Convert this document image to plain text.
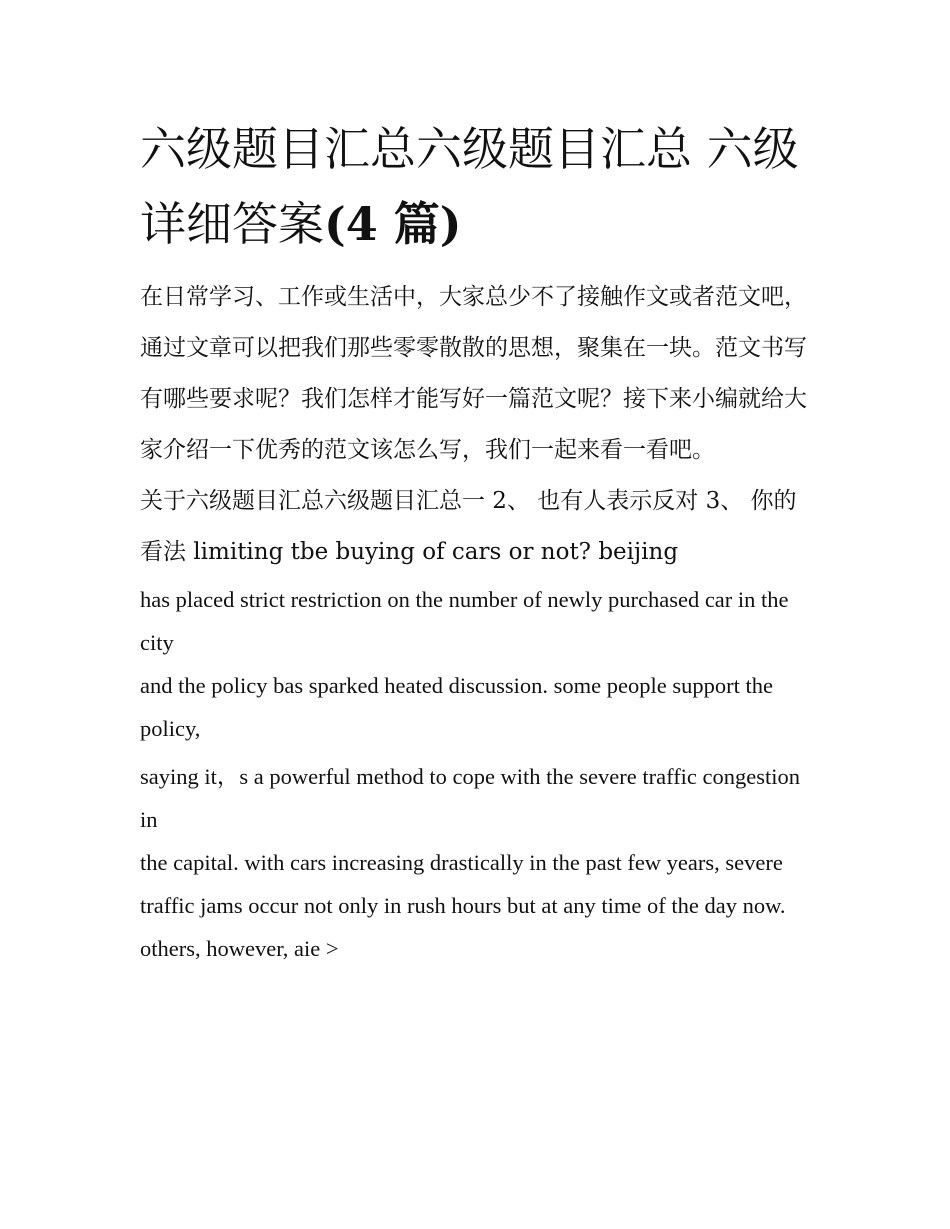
六级题目汇总六级题目汇总 六级详细答案(4 篇)

在日常学习、工作或生活中，大家总少不了接触作文或者范文吧，通过文章可以把我们那些零零散散的思想，聚集在一块。范文书写有哪些要求呢？我们怎样才能写好一篇范文呢？接下来小编就给大家介绍一下优秀的范文该怎么写，我们一起来看一看吧。

关于六级题目汇总六级题目汇总一 2、 也有人表示反对 3、 你的看法 limiting tbe buying of cars or not? beijing

has placed strict restriction on the number of newly purchased car in the city

and the policy bas sparked heated discussion. some people support the policy,

saying it，s a powerful method to cope with the severe traffic congestion in

the capital. with cars increasing drastically in the past few years, severe

traffic jams occur not only in rush hours but at any time of the day now.

others, however, aie >
